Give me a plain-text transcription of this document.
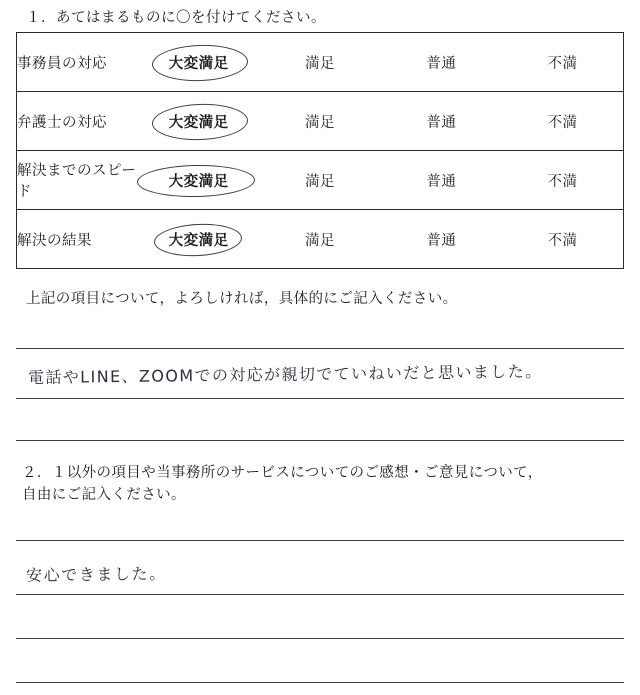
１．あてはまるものに〇を付けてください。
事務員の対応	大変満足	満足	普通	不満
弁護士の対応	大変満足	満足	普通	不満
解決までのスピード	大変満足	満足	普通	不満
解決の結果	大変満足	満足	普通	不満
上記の項目について，よろしければ，具体的にご記入ください。
電話やLINE、ZOOMでの対応が親切でていねいだと思いました。
２．１以外の項目や当事務所のサービスについてのご感想・ご意見について，
自由にご記入ください。
安心できました。
